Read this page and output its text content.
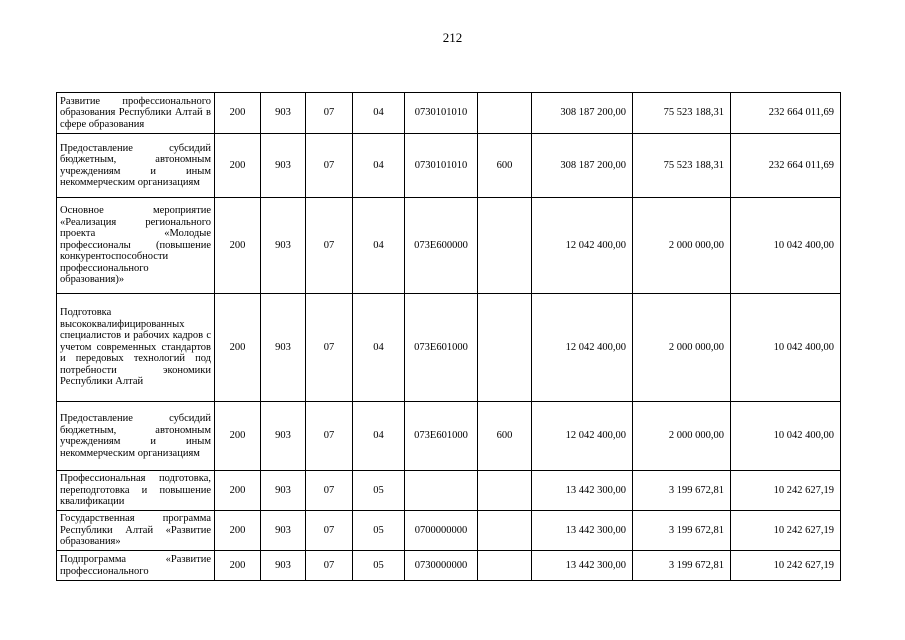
212
Развитие профессионального образования Республики Алтай в сфере образования	200	903	07	04	0730101010		308 187 200,00	75 523 188,31	232 664 011,69
Предоставление субсидий бюджетным, автономным учреждениям и иным некоммерческим организациям	200	903	07	04	0730101010	600	308 187 200,00	75 523 188,31	232 664 011,69
Основное мероприятие «Реализация регионального проекта «Молодые профессионалы (повышение конкурентоспособности профессионального образования)»	200	903	07	04	073E600000		12 042 400,00	2 000 000,00	10 042 400,00
Подготовка высококвалифицированных специалистов и рабочих кадров с учетом современных стандартов и передовых технологий под потребности экономики Республики Алтай	200	903	07	04	073E601000		12 042 400,00	2 000 000,00	10 042 400,00
Предоставление субсидий бюджетным, автономным учреждениям и иным некоммерческим организациям	200	903	07	04	073E601000	600	12 042 400,00	2 000 000,00	10 042 400,00
Профессиональная подготовка, переподготовка и повышение квалификации	200	903	07	05			13 442 300,00	3 199 672,81	10 242 627,19
Государственная программа Республики Алтай «Развитие образования»	200	903	07	05	0700000000		13 442 300,00	3 199 672,81	10 242 627,19
Подпрограмма «Развитие профессионального	200	903	07	05	0730000000		13 442 300,00	3 199 672,81	10 242 627,19
